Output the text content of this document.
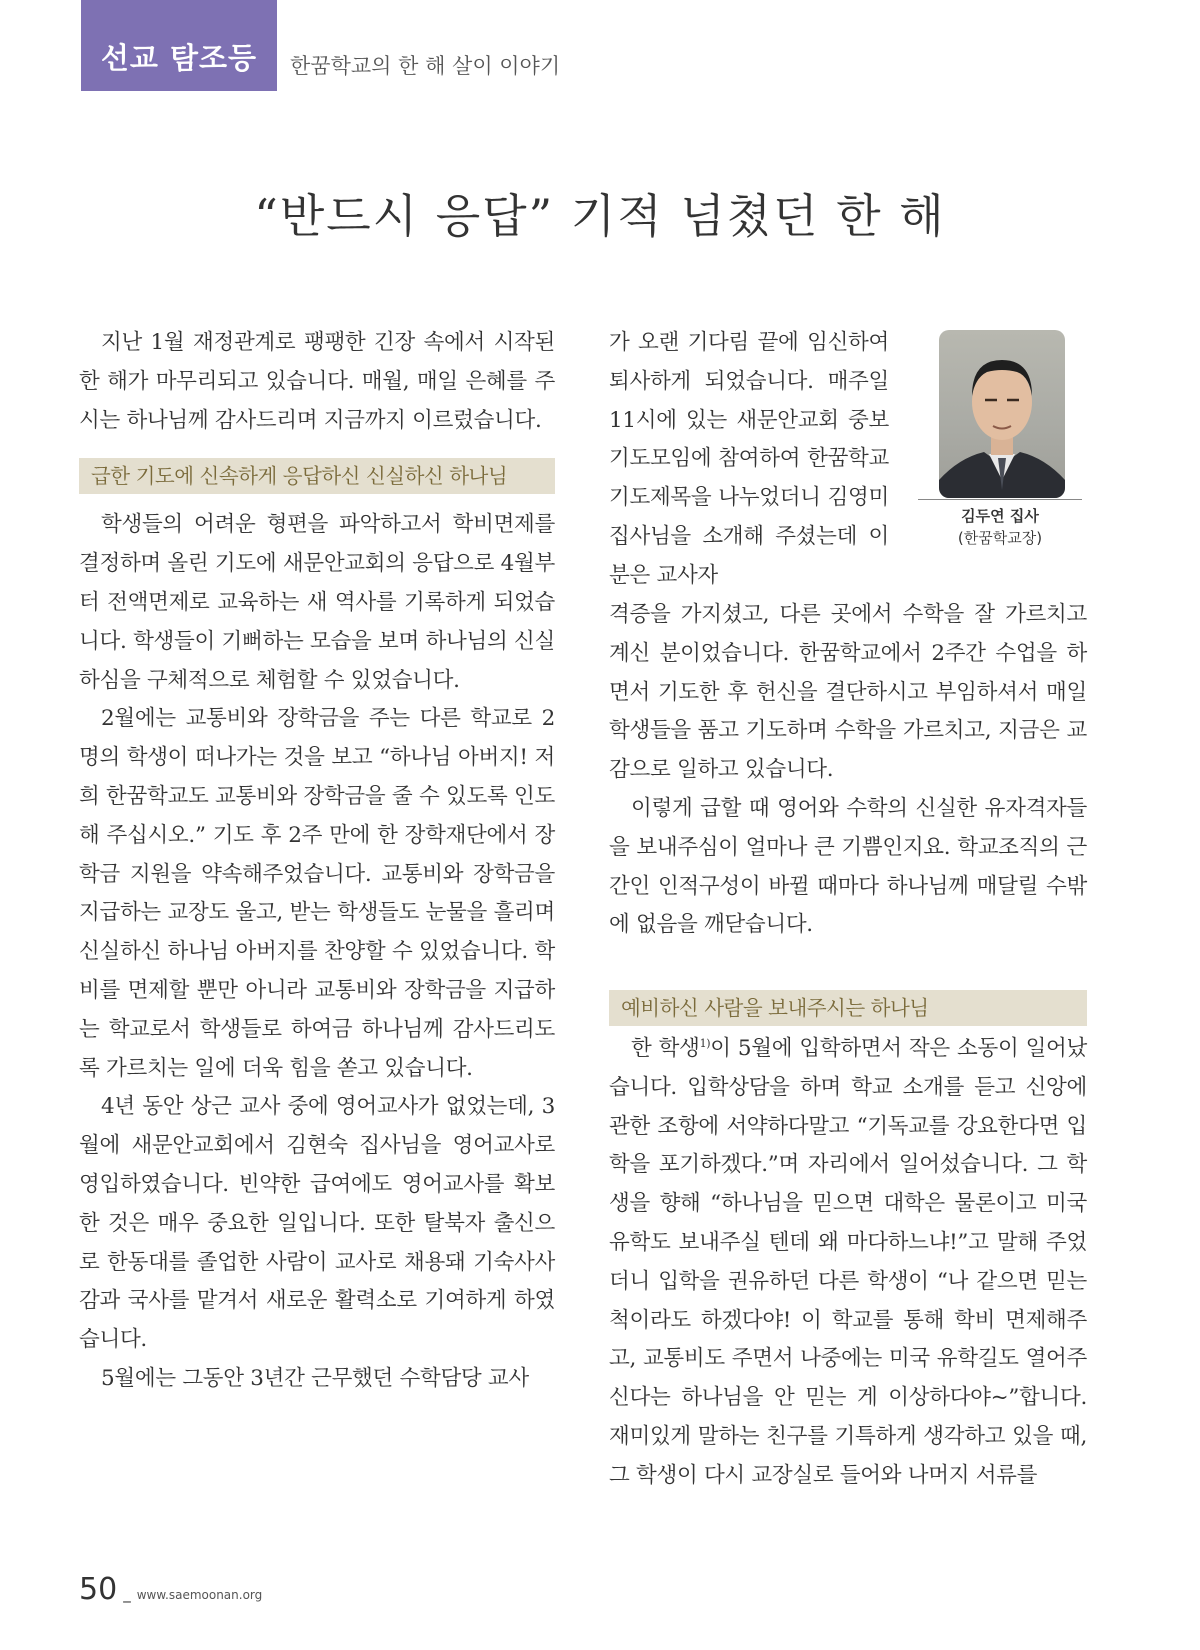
선교 탐조등	한꿈학교의 한 해 살이 이야기
“반드시 응답” 기적 넘쳤던 한 해

지난 1월 재정관계로 팽팽한 긴장 속에서 시작된 한 해가 마무리되고 있습니다. 매월, 매일 은혜를 주시는 하나님께 감사드리며 지금까지 이르렀습니다.

급한 기도에 신속하게 응답하신 신실하신 하나님

학생들의 어려운 형편을 파악하고서 학비면제를 결정하며 올린 기도에 새문안교회의 응답으로 4월부터 전액면제로 교육하는 새 역사를 기록하게 되었습니다. 학생들이 기뻐하는 모습을 보며 하나님의 신실하심을 구체적으로 체험할 수 있었습니다.

2월에는 교통비와 장학금을 주는 다른 학교로 2명의 학생이 떠나가는 것을 보고 “하나님 아버지! 저희 한꿈학교도 교통비와 장학금을 줄 수 있도록 인도해 주십시오.” 기도 후 2주 만에 한 장학재단에서 장학금 지원을 약속해주었습니다. 교통비와 장학금을 지급하는 교장도 울고, 받는 학생들도 눈물을 흘리며 신실하신 하나님 아버지를 찬양할 수 있었습니다. 학비를 면제할 뿐만 아니라 교통비와 장학금을 지급하는 학교로서 학생들로 하여금 하나님께 감사드리도록 가르치는 일에 더욱 힘을 쏟고 있습니다.

4년 동안 상근 교사 중에 영어교사가 없었는데, 3월에 새문안교회에서 김현숙 집사님을 영어교사로 영입하였습니다. 빈약한 급여에도 영어교사를 확보한 것은 매우 중요한 일입니다. 또한 탈북자 출신으로 한동대를 졸업한 사람이 교사로 채용돼 기숙사사감과 국사를 맡겨서 새로운 활력소로 기여하게 하였습니다.

5월에는 그동안 3년간 근무했던 수학담당 교사

가 오랜 기다림 끝에 임신하여 퇴사하게 되었습니다. 매주일 11시에 있는 새문안교회 중보기도모임에 참여하여 한꿈학교 기도제목을 나누었더니 김영미 집사님을 소개해 주셨는데 이분은 교사자

김두연 집사
(한꿈학교장)

격증을 가지셨고, 다른 곳에서 수학을 잘 가르치고 계신 분이었습니다. 한꿈학교에서 2주간 수업을 하면서 기도한 후 헌신을 결단하시고 부임하셔서 매일 학생들을 품고 기도하며 수학을 가르치고, 지금은 교감으로 일하고 있습니다.

이렇게 급할 때 영어와 수학의 신실한 유자격자들을 보내주심이 얼마나 큰 기쁨인지요. 학교조직의 근간인 인적구성이 바뀔 때마다 하나님께 매달릴 수밖에 없음을 깨닫습니다.

예비하신 사람을 보내주시는 하나님

한 학생$^{1)}$이 5월에 입학하면서 작은 소동이 일어났습니다. 입학상담을 하며 학교 소개를 듣고 신앙에 관한 조항에 서약하다말고 “기독교를 강요한다면 입학을 포기하겠다.”며 자리에서 일어섰습니다. 그 학생을 향해 “하나님을 믿으면 대학은 물론이고 미국유학도 보내주실 텐데 왜 마다하느냐!”고 말해 주었더니 입학을 권유하던 다른 학생이 “나 같으면 믿는 척이라도 하겠다야! 이 학교를 통해 학비 면제해주고, 교통비도 주면서 나중에는 미국 유학길도 열어주신다는 하나님을 안 믿는 게 이상하다야~”합니다. 재미있게 말하는 친구를 기특하게 생각하고 있을 때, 그 학생이 다시 교장실로 들어와 나머지 서류를

50 _ www.saemoonan.org
